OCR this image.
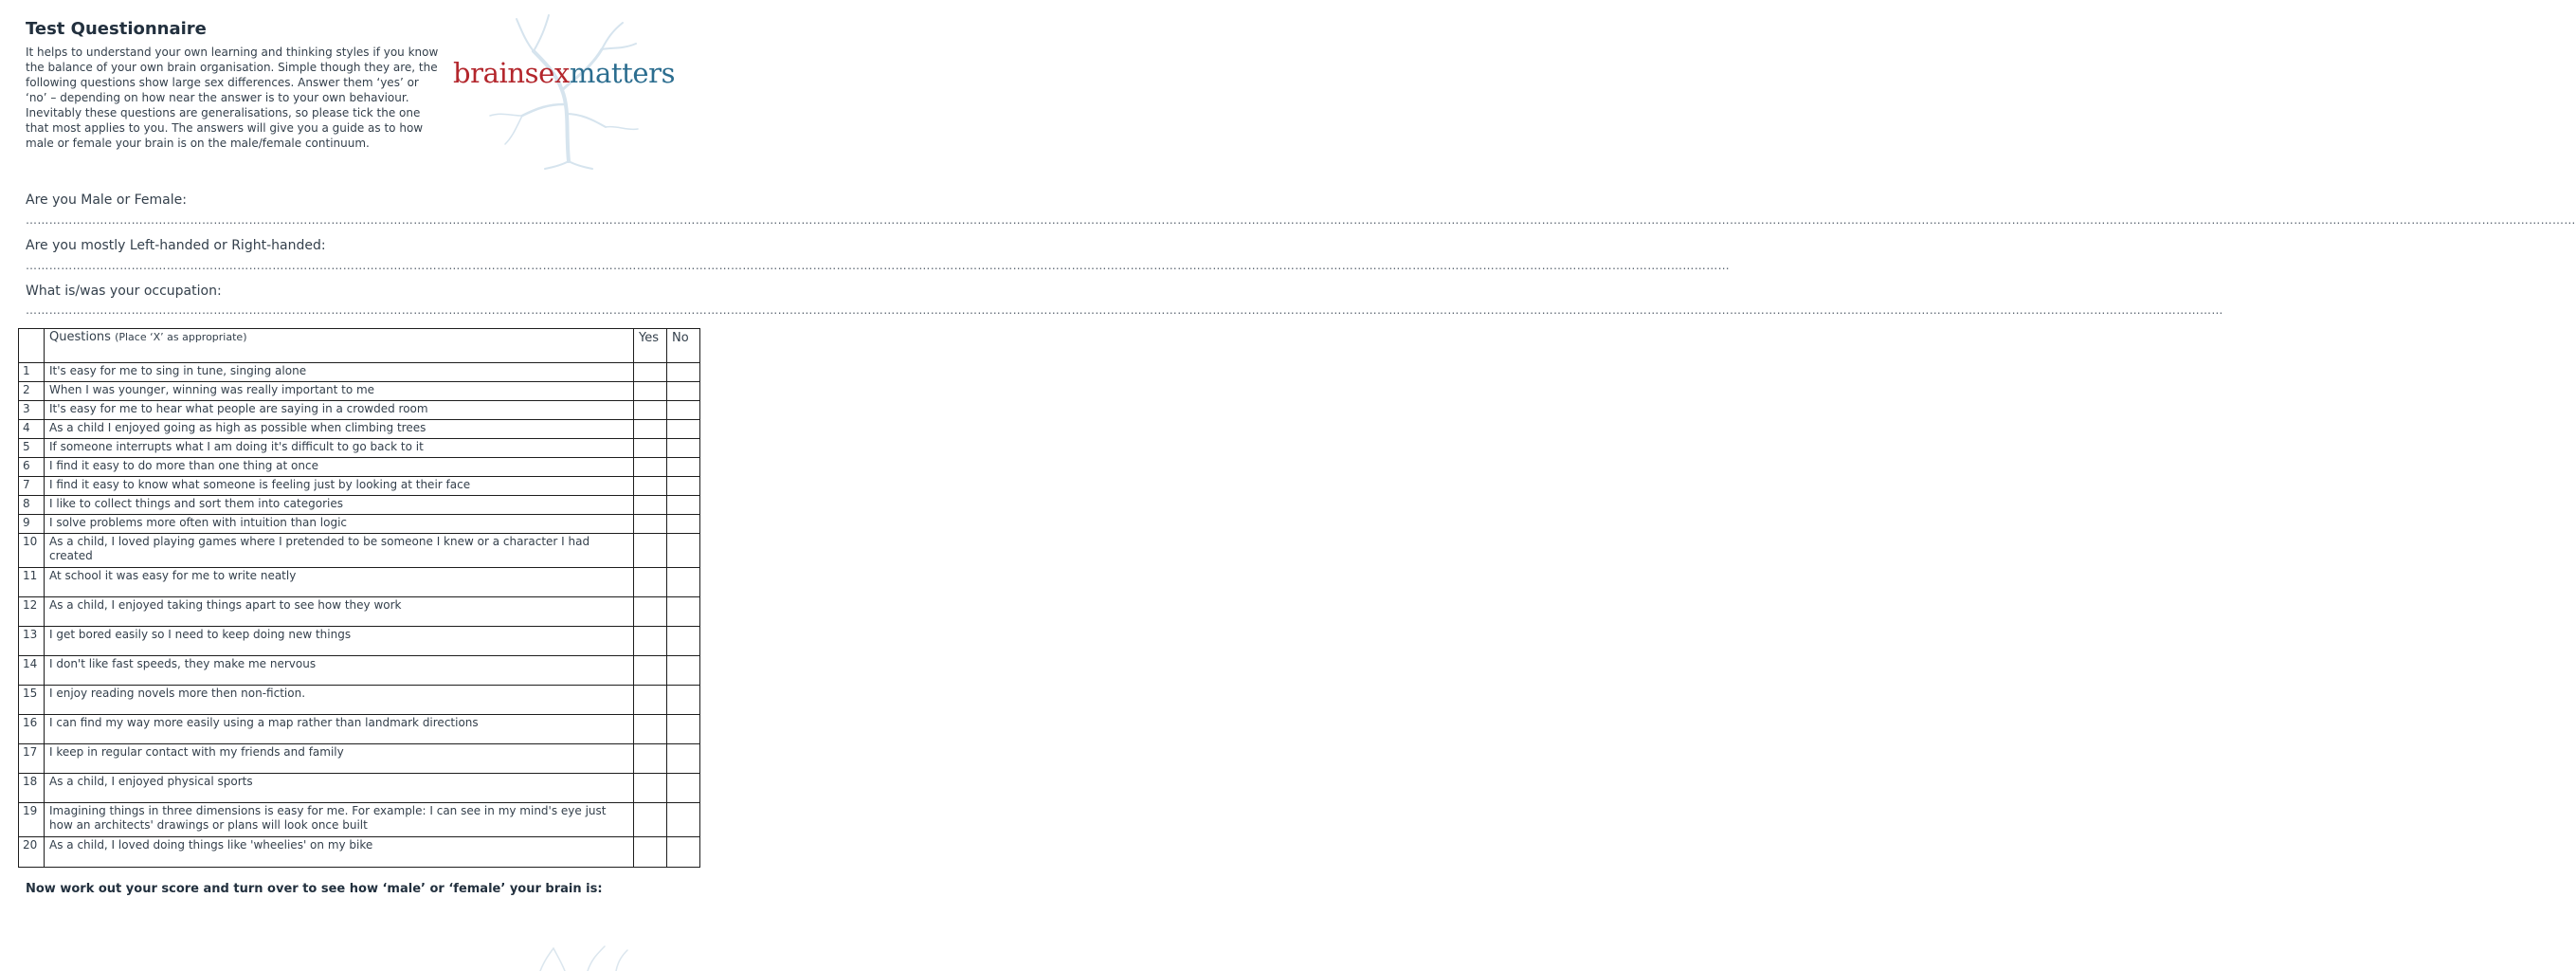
Test Questionnaire
It helps to understand your own learning and thinking styles if you know the balance of your own brain organisation. Simple though they are, the following questions show large sex differences. Answer them ‘yes’ or ‘no’ – depending on how near the answer is to your own behaviour. Inevitably these questions are generalisations, so please tick the one that most applies to you. The answers will give you a guide as to how male or female your brain is on the male/female continuum.
brainsexmatters
Are you Male or Female:
…………………………………………………………………………………………………………………………………………………………………………………………………………………………………………………………………………………………………………………………………………………………………………………………………………………………………………………………………………………………………………………………………………………………………………………………………
Are you mostly Left-handed or Right-handed:
…………………………………………………………………………………………………………………………………………………………………………………………………………………………………………………………………………………………………………………………………………………………………………………………………
What is/was your occupation:
…………………………………………………………………………………………………………………………………………………………………………………………………………………………………………………………………………………………………………………………………………………………………………………………………………………………………………………………………………………………………………………
	Questions (Place ‘X’ as appropriate)	Yes	No
1	It's easy for me to sing in tune, singing alone		
2	When I was younger, winning was really important to me		
3	It's easy for me to hear what people are saying in a crowded room		
4	As a child I enjoyed going as high as possible when climbing trees		
5	If someone interrupts what I am doing it's difficult to go back to it		
6	I find it easy to do more than one thing at once		
7	I find it easy to know what someone is feeling just by looking at their face		
8	I like to collect things and sort them into categories		
9	I solve problems more often with intuition than logic		
10	As a child, I loved playing games where I pretended to be someone I knew or a character I had created		
11	At school it was easy for me to write neatly		
12	As a child, I enjoyed taking things apart to see how they work		
13	I get bored easily so I need to keep doing new things		
14	I don't like fast speeds, they make me nervous		
15	I enjoy reading novels more then non-fiction.		
16	I can find my way more easily using a map rather than landmark directions		
17	I keep in regular contact with my friends and family		
18	As a child, I enjoyed physical sports		
19	Imagining things in three dimensions is easy for me. For example: I can see in my mind's eye just how an architects' drawings or plans will look once built		
20	As a child, I loved doing things like 'wheelies' on my bike		
Now work out your score and turn over to see how ‘male’ or ‘female’ your brain is:
